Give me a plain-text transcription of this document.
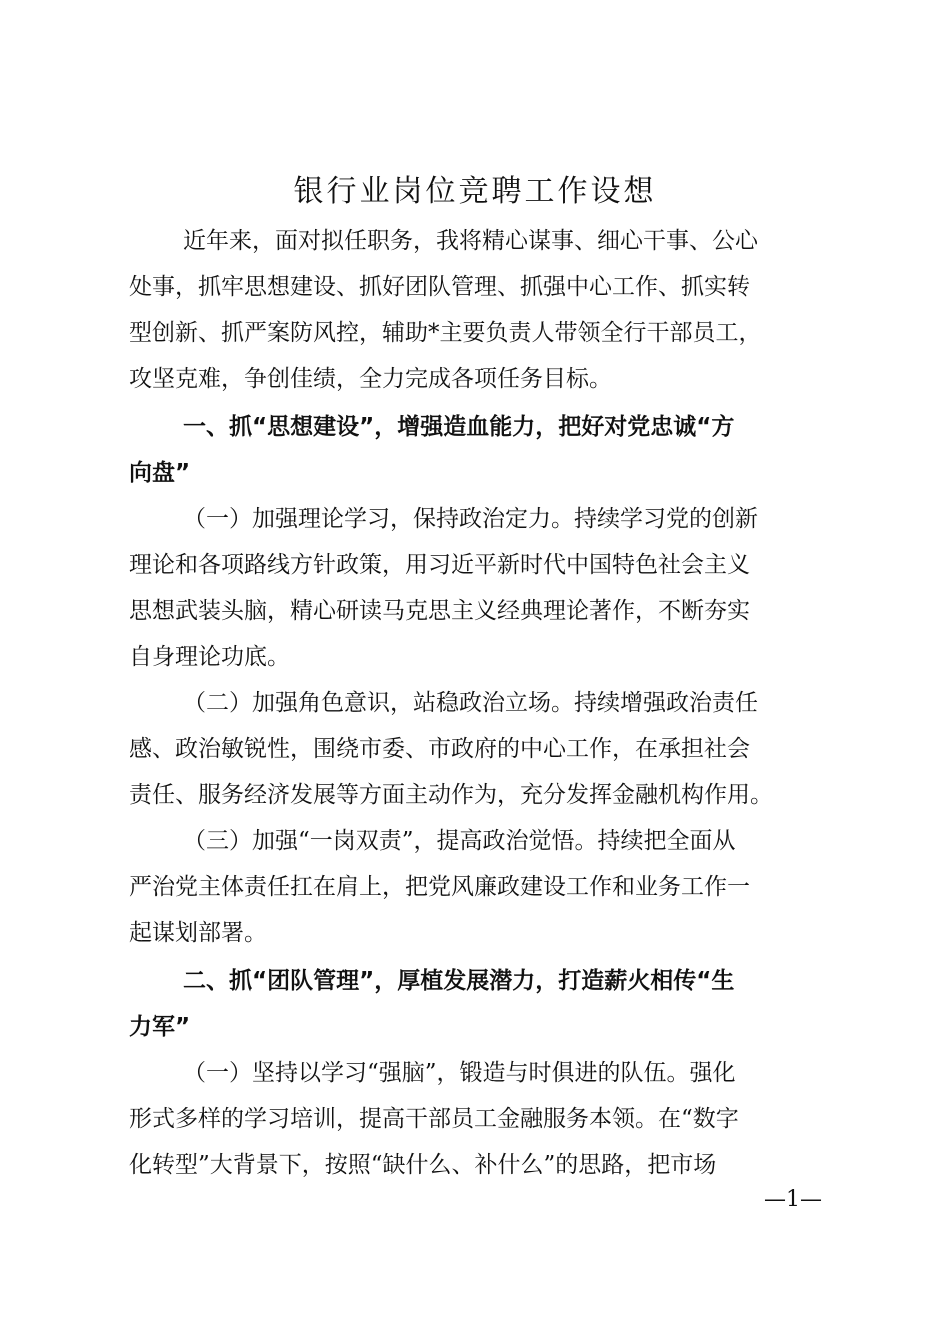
银行业岗位竞聘工作设想
近年来，面对拟任职务，我将精心谋事、细心干事、公心
处事，抓牢思想建设、抓好团队管理、抓强中心工作、抓实转
型创新、抓严案防风控，辅助*主要负责人带领全行干部员工，
攻坚克难，争创佳绩，全力完成各项任务目标。
一、抓“思想建设”，增强造血能力，把好对党忠诚“方
向盘”
（一）加强理论学习，保持政治定力。持续学习党的创新
理论和各项路线方针政策，用习近平新时代中国特色社会主义
思想武装头脑，精心研读马克思主义经典理论著作，不断夯实
自身理论功底。
（二）加强角色意识，站稳政治立场。持续增强政治责任
感、政治敏锐性，围绕市委、市政府的中心工作，在承担社会
责任、服务经济发展等方面主动作为，充分发挥金融机构作用。
（三）加强“一岗双责”，提高政治觉悟。持续把全面从
严治党主体责任扛在肩上，把党风廉政建设工作和业务工作一
起谋划部署。
二、抓“团队管理”，厚植发展潜力，打造薪火相传“生
力军”
（一）坚持以学习“强脑”，锻造与时俱进的队伍。强化
形式多样的学习培训，提高干部员工金融服务本领。在“数字
化转型”大背景下，按照“缺什么、补什么”的思路，把市场
—1—
